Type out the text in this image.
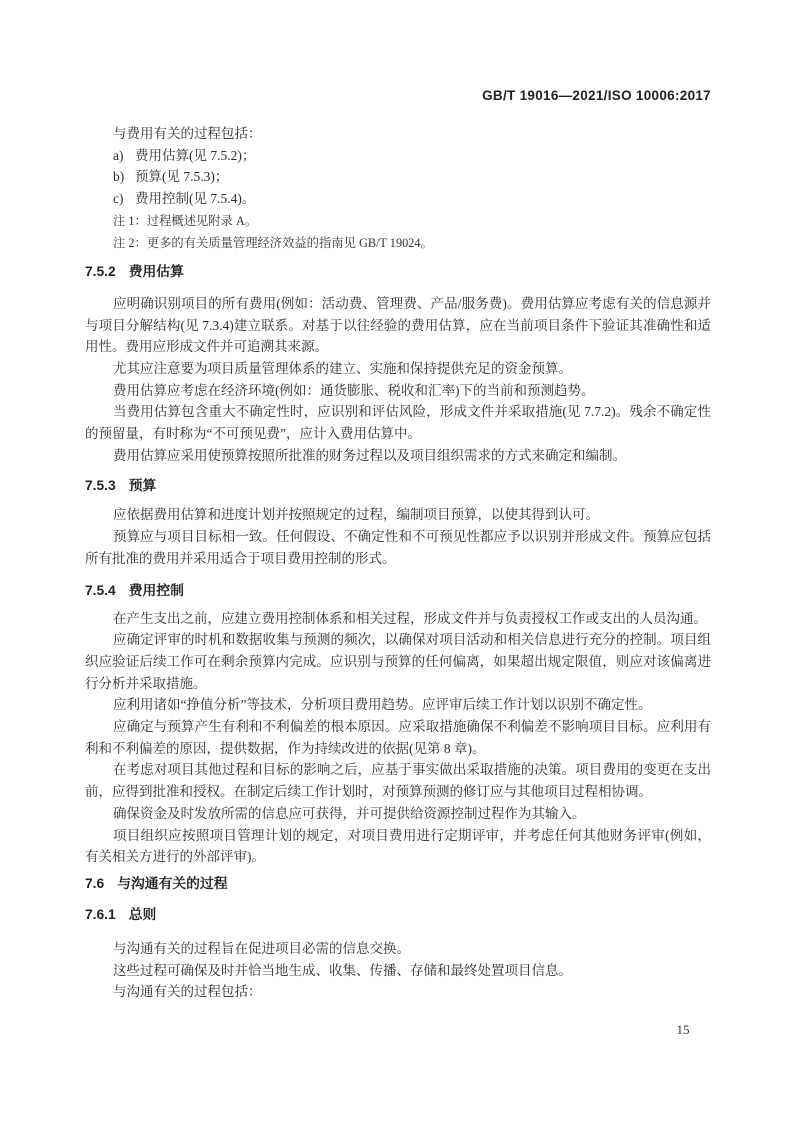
GB/T 19016—2021/ISO 10006:2017

与费用有关的过程包括：

a) 费用估算(见 7.5.2)；
b) 预算(见 7.5.3)；
c) 费用控制(见 7.5.4)。

注 1：过程概述见附录 A。

注 2：更多的有关质量管理经济效益的指南见 GB/T 19024。

7.5.2 费用估算

应明确识别项目的所有费用(例如：活动费、管理费、产品/服务费)。费用估算应考虑有关的信息源并与项目分解结构(见 7.3.4)建立联系。对基于以往经验的费用估算，应在当前项目条件下验证其准确性和适用性。费用应形成文件并可追溯其来源。

尤其应注意要为项目质量管理体系的建立、实施和保持提供充足的资金预算。

费用估算应考虑在经济环境(例如：通货膨胀、税收和汇率)下的当前和预测趋势。

当费用估算包含重大不确定性时，应识别和评估风险，形成文件并采取措施(见 7.7.2)。残余不确定性的预留量，有时称为“不可预见费”，应计入费用估算中。

费用估算应采用使预算按照所批准的财务过程以及项目组织需求的方式来确定和编制。

7.5.3 预算

应依据费用估算和进度计划并按照规定的过程，编制项目预算，以使其得到认可。

预算应与项目目标相一致。任何假设、不确定性和不可预见性都应予以识别并形成文件。预算应包括所有批准的费用并采用适合于项目费用控制的形式。

7.5.4 费用控制

在产生支出之前，应建立费用控制体系和相关过程，形成文件并与负责授权工作或支出的人员沟通。

应确定评审的时机和数据收集与预测的频次，以确保对项目活动和相关信息进行充分的控制。项目组织应验证后续工作可在剩余预算内完成。应识别与预算的任何偏离，如果超出规定限值，则应对该偏离进行分析并采取措施。

应利用诸如“挣值分析”等技术，分析项目费用趋势。应评审后续工作计划以识别不确定性。

应确定与预算产生有利和不利偏差的根本原因。应采取措施确保不利偏差不影响项目目标。应利用有利和不利偏差的原因，提供数据，作为持续改进的依据(见第 8 章)。

在考虑对项目其他过程和目标的影响之后，应基于事实做出采取措施的决策。项目费用的变更在支出前，应得到批准和授权。在制定后续工作计划时，对预算预测的修订应与其他项目过程相协调。

确保资金及时发放所需的信息应可获得，并可提供给资源控制过程作为其输入。

项目组织应按照项目管理计划的规定，对项目费用进行定期评审，并考虑任何其他财务评审(例如，有关相关方进行的外部评审)。

7.6 与沟通有关的过程
7.6.1 总则

与沟通有关的过程旨在促进项目必需的信息交换。

这些过程可确保及时并恰当地生成、收集、传播、存储和最终处置项目信息。

与沟通有关的过程包括：

15
